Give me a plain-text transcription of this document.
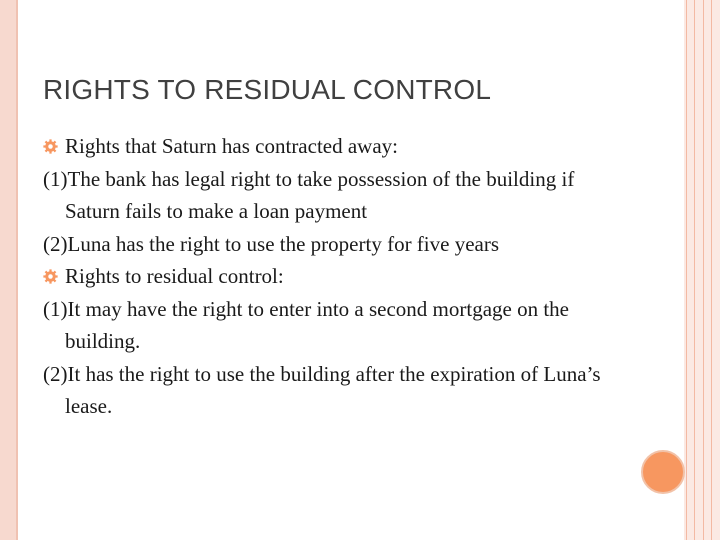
RIGHTS TO RESIDUAL CONTROL
Rights that Saturn has contracted away:
(1)The bank has legal right to take possession of the building if Saturn fails to make a loan payment
(2)Luna has the right to use the property for five years
Rights to residual control:
(1)It may have the right to enter into a second mortgage on the building.
(2)It has the right to use the building after the expiration of Luna’s lease.
